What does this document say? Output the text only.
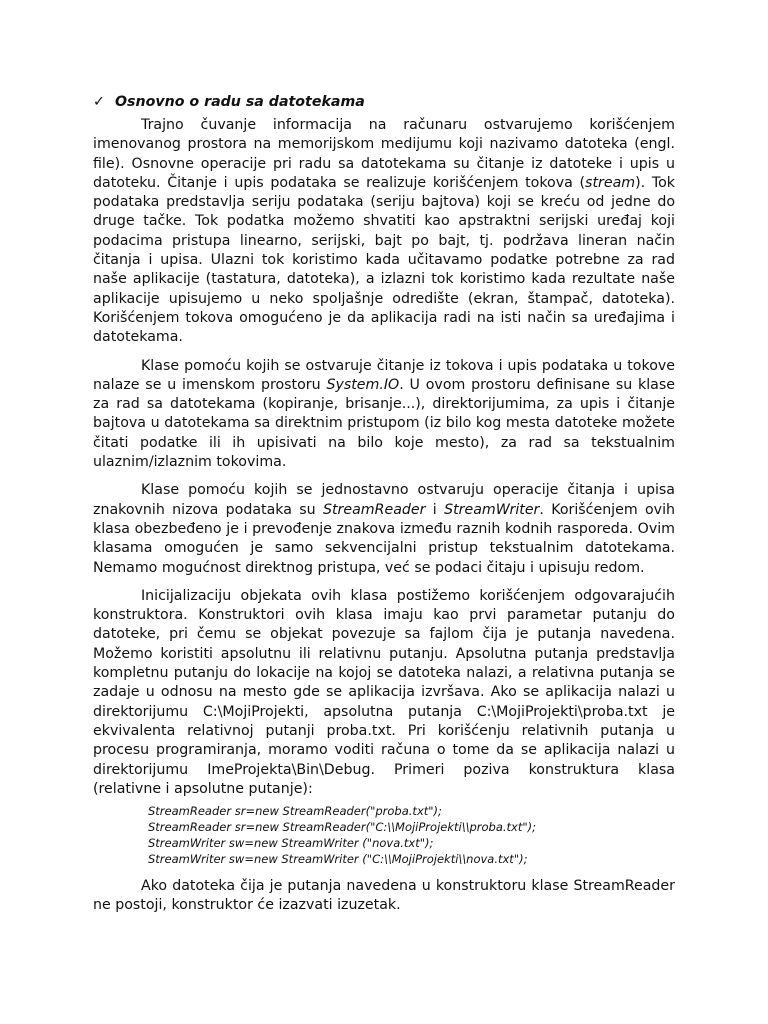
✓ Osnovno o radu sa datotekama

Trajno čuvanje informacija na računaru ostvarujemo korišćenjem imenovanog prostora na memorijskom medijumu koji nazivamo datoteka (engl. file). Osnovne operacije pri radu sa datotekama su čitanje iz datoteke i upis u datoteku. Čitanje i upis podataka se realizuje korišćenjem tokova (stream). Tok podataka predstavlja seriju podataka (seriju bajtova) koji se kreću od jedne do druge tačke. Tok podatka možemo shvatiti kao apstraktni serijski uređaj koji podacima pristupa linearno, serijski, bajt po bajt, tj. podržava lineran način čitanja i upisa. Ulazni tok koristimo kada učitavamo podatke potrebne za rad naše aplikacije (tastatura, datoteka), a izlazni tok koristimo kada rezultate naše aplikacije upisujemo u neko spoljašnje odredište (ekran, štampač, datoteka). Korišćenjem tokova omogućeno je da aplikacija radi na isti način sa uređajima i datotekama.

Klase pomoću kojih se ostvaruje čitanje iz tokova i upis podataka u tokove nalaze se u imenskom prostoru System.IO. U ovom prostoru definisane su klase za rad sa datotekama (kopiranje, brisanje...), direktorijumima, za upis i čitanje bajtova u datotekama sa direktnim pristupom (iz bilo kog mesta datoteke možete čitati podatke ili ih upisivati na bilo koje mesto), za rad sa tekstualnim ulaznim/izlaznim tokovima.

Klase pomoću kojih se jednostavno ostvaruju operacije čitanja i upisa znakovnih nizova podataka su StreamReader i StreamWriter. Korišćenjem ovih klasa obezbeđeno je i prevođenje znakova između raznih kodnih rasporeda. Ovim klasama omogućen je samo sekvencijalni pristup tekstualnim datotekama. Nemamo mogućnost direktnog pristupa, već se podaci čitaju i upisuju redom.

Inicijalizaciju objekata ovih klasa postižemo korišćenjem odgovarajućih konstruktora. Konstruktori ovih klasa imaju kao prvi parametar putanju do datoteke, pri čemu se objekat povezuje sa fajlom čija je putanja navedena. Možemo koristiti apsolutnu ili relativnu putanju. Apsolutna putanja predstavlja kompletnu putanju do lokacije na kojoj se datoteka nalazi, a relativna putanja se zadaje u odnosu na mesto gde se aplikacija izvršava. Ako se aplikacija nalazi u direktorijumu C:\MojiProjekti, apsolutna putanja C:\MojiProjekti\proba.txt je ekvivalenta relativnoj putanji proba.txt. Pri korišćenju relativnih putanja u procesu programiranja, moramo voditi računa o tome da se aplikacija nalazi u direktorijumu ImeProjekta\Bin\Debug. Primeri poziva konstruktura klasa (relativne i apsolutne putanje):

StreamReader sr=new StreamReader("proba.txt");
StreamReader sr=new StreamReader("C:\\MojiProjekti\\proba.txt");
StreamWriter sw=new StreamWriter ("nova.txt");
StreamWriter sw=new StreamWriter ("C:\\MojiProjekti\\nova.txt");

Ako datoteka čija je putanja navedena u konstruktoru klase StreamReader ne postoji, konstruktor će izazvati izuzetak.
